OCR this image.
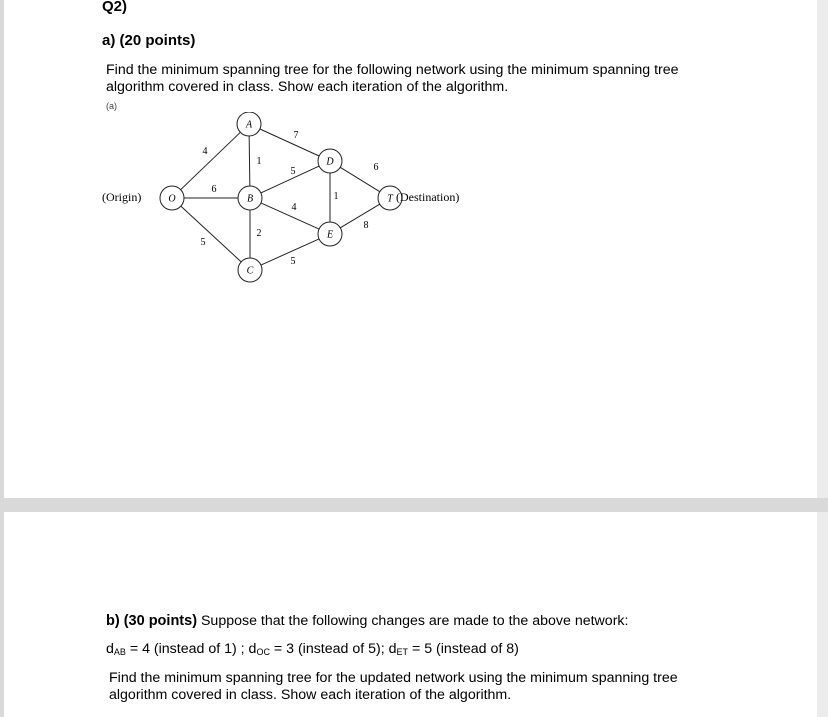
Q2)
a) (20 points)
Find the minimum spanning tree for the following network using the minimum spanning tree
algorithm covered in class. Show each iteration of the algorithm.
(a)
4
6
5
1
7
2
5
4
5
1
6
8
O
A
B
C
D
E
T
(Origin)	(Destination)
b) (30 points) Suppose that the following changes are made to the above network:
$d_{AB} = 4$ (instead of 1) ; $d_{OC} = 3$ (instead of 5); $d_{ET} = 5$ (instead of 8)
Find the minimum spanning tree for the updated network using the minimum spanning tree
algorithm covered in class. Show each iteration of the algorithm.
